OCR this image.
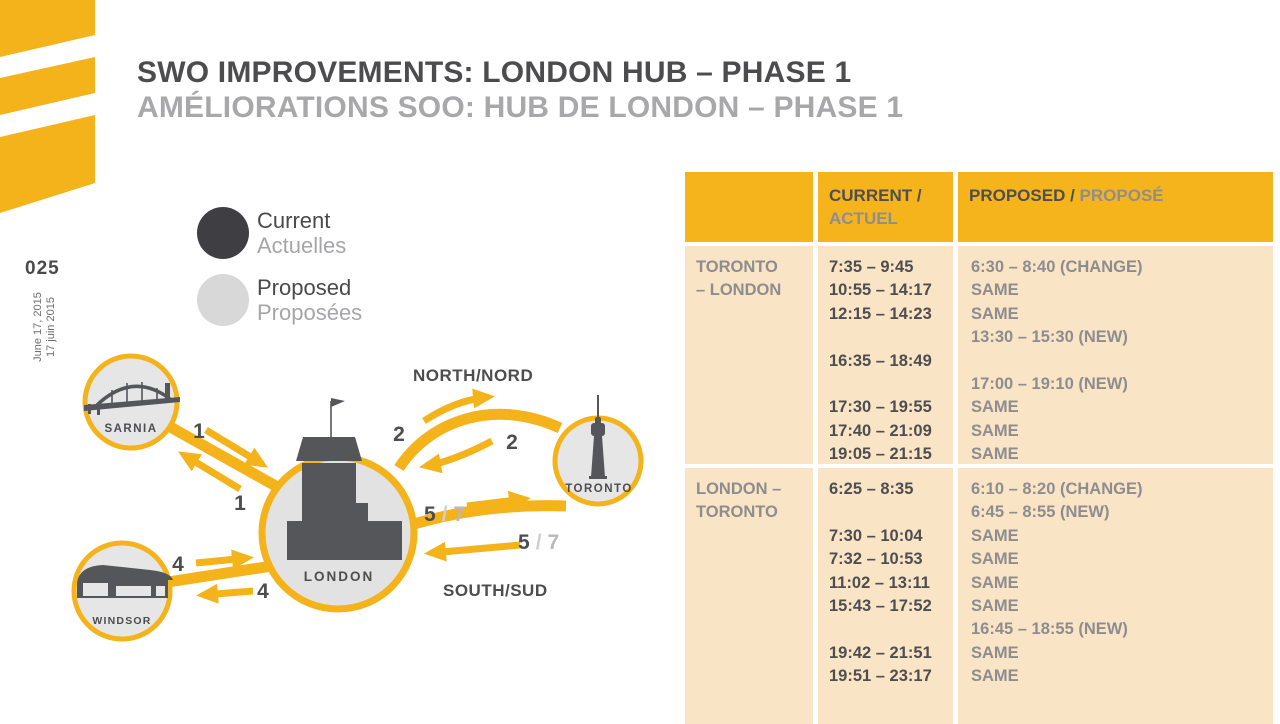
025
June 17, 2015 17 juin 2015
SWO IMPROVEMENTS: LONDON HUB – PHASE 1
AMÉLIORATIONS SOO: HUB DE LONDON – PHASE 1
Current
Actuelles
Proposed
Proposées
SARNIA
WINDSOR
LONDON
TORONTO
NORTH/NORD
SOUTH/SUD
1
1
4
4
2	2
5 / 7
5 / 7
CURRENT /
ACTUEL
PROPOSED / PROPOSÉ
TORONTO
– LONDON
7:35 – 9:45
10:55 – 14:17
12:15 – 14:23
16:35 – 18:49
17:30 – 19:55
17:40 – 21:09
19:05 – 21:15
6:30 – 8:40 (CHANGE)
SAME
SAME
13:30 – 15:30 (NEW)
17:00 – 19:10 (NEW)
SAME
SAME
SAME
LONDON –
TORONTO
6:25 – 8:35
7:30 – 10:04
7:32 – 10:53
11:02 – 13:11
15:43 – 17:52
19:42 – 21:51
19:51 – 23:17
6:10 – 8:20 (CHANGE)
6:45 – 8:55 (NEW)
SAME
SAME
SAME
SAME
16:45 – 18:55 (NEW)
SAME
SAME
